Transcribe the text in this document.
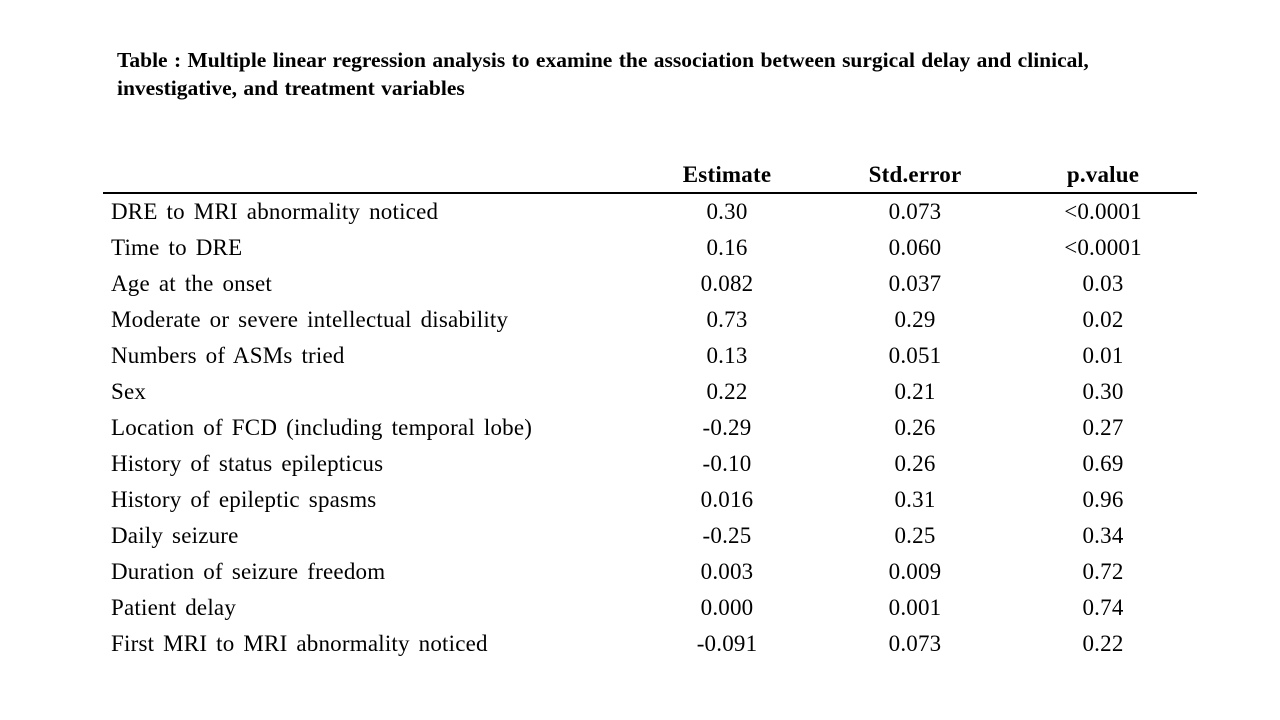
Table : Multiple linear regression analysis to examine the association between surgical delay and clinical, investigative, and treatment variables
	Estimate	Std.error	p.value
DRE to MRI abnormality noticed	0.30	0.073	<0.0001
Time to DRE	0.16	0.060	<0.0001
Age at the onset	0.082	0.037	0.03
Moderate or severe intellectual disability	0.73	0.29	0.02
Numbers of ASMs tried	0.13	0.051	0.01
Sex	0.22	0.21	0.30
Location of FCD (including temporal lobe)	-0.29	0.26	0.27
History of status epilepticus	-0.10	0.26	0.69
History of epileptic spasms	0.016	0.31	0.96
Daily seizure	-0.25	0.25	0.34
Duration of seizure freedom	0.003	0.009	0.72
Patient delay	0.000	0.001	0.74
First MRI to MRI abnormality noticed	-0.091	0.073	0.22
